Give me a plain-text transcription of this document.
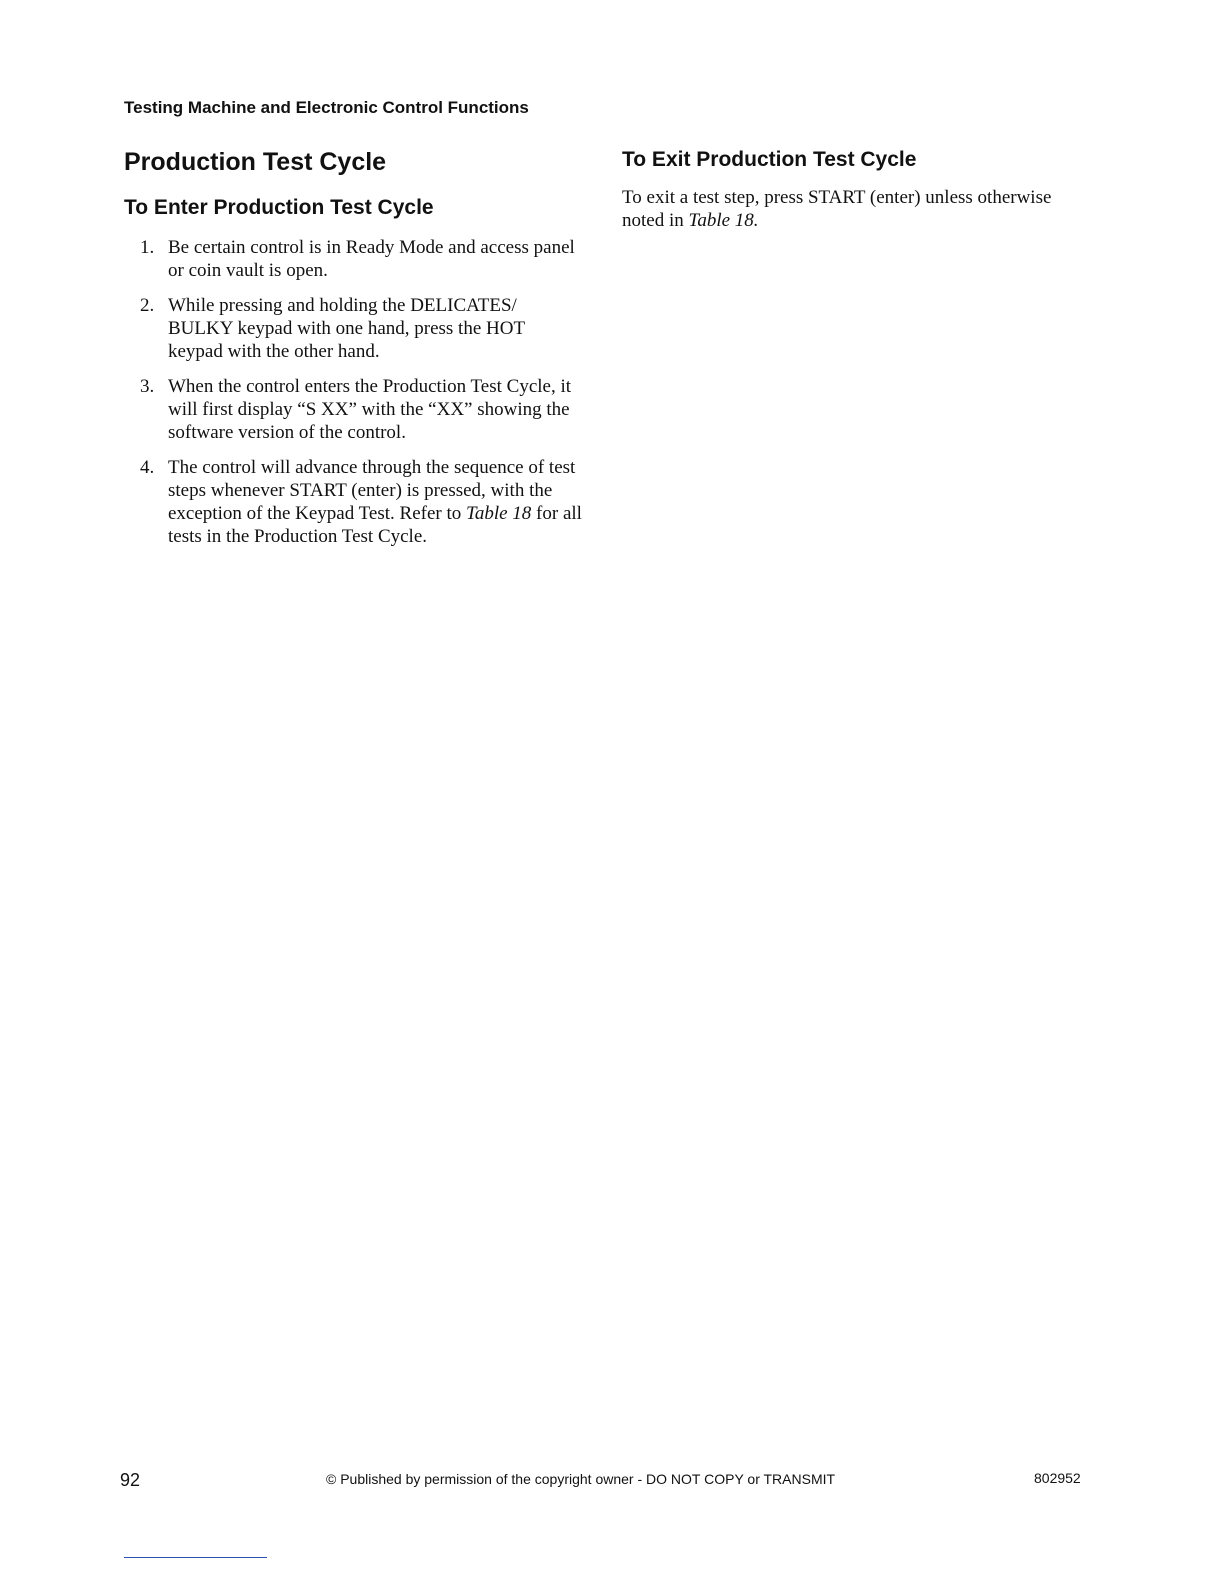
Testing Machine and Electronic Control Functions
Production Test Cycle
To Enter Production Test Cycle
1. Be certain control is in Ready Mode and access panel or coin vault is open.
2. While pressing and holding the DELICATES/ BULKY keypad with one hand, press the HOT keypad with the other hand.
3. When the control enters the Production Test Cycle, it will first display “S XX” with the “XX” showing the software version of the control.
4. The control will advance through the sequence of test steps whenever START (enter) is pressed, with the exception of the Keypad Test. Refer to Table 18 for all tests in the Production Test Cycle.
To Exit Production Test Cycle

To exit a test step, press START (enter) unless otherwise noted in Table 18.

92	© Published by permission of the copyright owner - DO NOT COPY or TRANSMIT	802952
